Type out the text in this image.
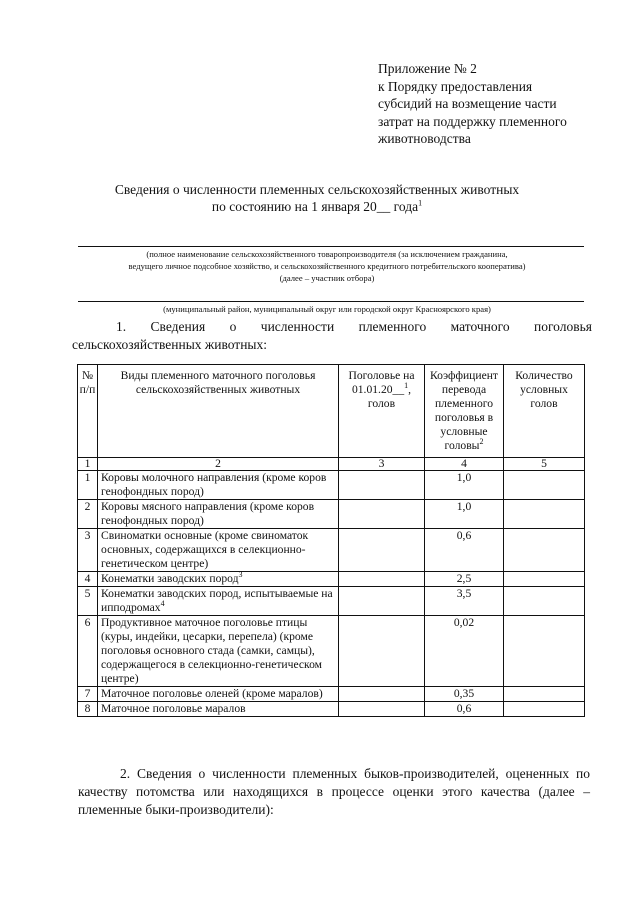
Приложение № 2
к Порядку предоставления
субсидий на возмещение части
затрат на поддержку племенного
животноводства
Сведения о численности племенных сельскохозяйственных животных
по состоянию на 1 января 20__ года$^1$
(полное наименование сельскохозяйственного товаропроизводителя (за исключением гражданина,
ведущего личное подсобное хозяйство, и сельскохозяйственного кредитного потребительского кооператива)
(далее – участник отбора)
(муниципальный район, муниципальный округ или городской округ Красноярского края)
1. Сведения о численности племенного маточного поголовья
сельскохозяйственных животных:
№ п/п	Виды племенного маточного поголовья сельскохозяйственных животных	Поголовье на 01.01.20__$^1$, голов	Коэффициент перевода племенного поголовья в условные головы$^2$	Количество условных голов
1	2	3	4	5
1	Коровы молочного направления (кроме коров генофондных пород)		1,0	
2	Коровы мясного направления (кроме коров генофондных пород)		1,0	
3	Свиноматки основные (кроме свиноматок основных, содержащихся в селекционно-генетическом центре)		0,6	
4	Конематки заводских пород$^3$		2,5	
5	Конематки заводских пород, испытываемые на ипподромах$^4$		3,5	
6	Продуктивное маточное поголовье птицы (куры, индейки, цесарки, перепела) (кроме поголовья основного стада (самки, самцы), содержащегося в селекционно-генетическом центре)		0,02	
7	Маточное поголовье оленей (кроме маралов)		0,35	
8	Маточное поголовье маралов		0,6	

2. Сведения о численности племенных быков-производителей, оцененных по качеству потомства или находящихся в процессе оценки этого качества (далее – племенные быки-производители):
